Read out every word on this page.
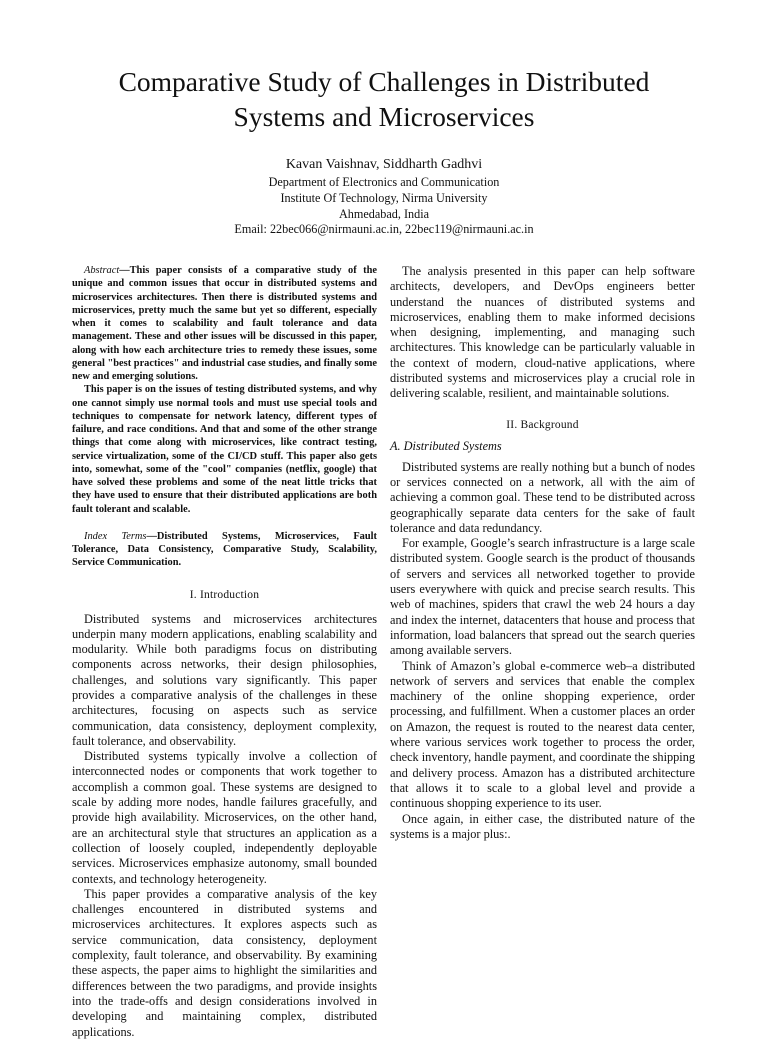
Comparative Study of Challenges in Distributed
Systems and Microservices
Kavan Vaishnav, Siddharth Gadhvi
Department of Electronics and Communication
Institute Of Technology, Nirma University
Ahmedabad, India
Email: 22bec066@nirmauni.ac.in, 22bec119@nirmauni.ac.in

Abstract—This paper consists of a comparative study of the unique and common issues that occur in distributed systems and microservices architectures. Then there is distributed systems and microservices, pretty much the same but yet so different, especially when it comes to scalability and fault tolerance and data management. These and other issues will be discussed in this paper, along with how each architecture tries to remedy these issues, some general "best practices" and industrial case studies, and finally some new and emerging solutions.

This paper is on the issues of testing distributed systems, and why one cannot simply use normal tools and must use special tools and techniques to compensate for network latency, different types of failure, and race conditions. And that and some of the other strange things that come along with microservices, like contract testing, service virtualization, some of the CI/CD stuff. This paper also gets into, somewhat, some of the "cool" companies (netflix, google) that have solved these problems and some of the neat little tricks that they have used to ensure that their distributed applications are both fault tolerant and scalable.

Index Terms—Distributed Systems, Microservices, Fault Tolerance, Data Consistency, Comparative Study, Scalability, Service Communication.

I. Introduction

Distributed systems and microservices architectures underpin many modern applications, enabling scalability and modularity. While both paradigms focus on distributing components across networks, their design philosophies, challenges, and solutions vary significantly. This paper provides a comparative analysis of the challenges in these architectures, focusing on aspects such as service communication, data consistency, deployment complexity, fault tolerance, and observability.

Distributed systems typically involve a collection of interconnected nodes or components that work together to accomplish a common goal. These systems are designed to scale by adding more nodes, handle failures gracefully, and provide high availability. Microservices, on the other hand, are an architectural style that structures an application as a collection of loosely coupled, independently deployable services. Microservices emphasize autonomy, small bounded contexts, and technology heterogeneity.

This paper provides a comparative analysis of the key challenges encountered in distributed systems and microservices architectures. It explores aspects such as service communication, data consistency, deployment complexity, fault tolerance, and observability. By examining these aspects, the paper aims to highlight the similarities and differences between the two paradigms, and provide insights into the trade-offs and design considerations involved in developing and maintaining complex, distributed applications.

The analysis presented in this paper can help software architects, developers, and DevOps engineers better understand the nuances of distributed systems and microservices, enabling them to make informed decisions when designing, implementing, and managing such architectures. This knowledge can be particularly valuable in the context of modern, cloud-native applications, where distributed systems and microservices play a crucial role in delivering scalable, resilient, and maintainable solutions.

II. Background
A. Distributed Systems

Distributed systems are really nothing but a bunch of nodes or services connected on a network, all with the aim of achieving a common goal. These tend to be distributed across geographically separate data centers for the sake of fault tolerance and data redundancy.

For example, Google’s search infrastructure is a large scale distributed system. Google search is the product of thousands of servers and services all networked together to provide users everywhere with quick and precise search results. This web of machines, spiders that crawl the web 24 hours a day and index the internet, datacenters that house and process that information, load balancers that spread out the search queries among available servers.

Think of Amazon’s global e-commerce web–a distributed network of servers and services that enable the complex machinery of the online shopping experience, order processing, and fulfillment. When a customer places an order on Amazon, the request is routed to the nearest data center, where various services work together to process the order, check inventory, handle payment, and coordinate the shipping and delivery process. Amazon has a distributed architecture that allows it to scale to a global level and provide a continuous shopping experience to its user.

Once again, in either case, the distributed nature of the systems is a major plus:.
